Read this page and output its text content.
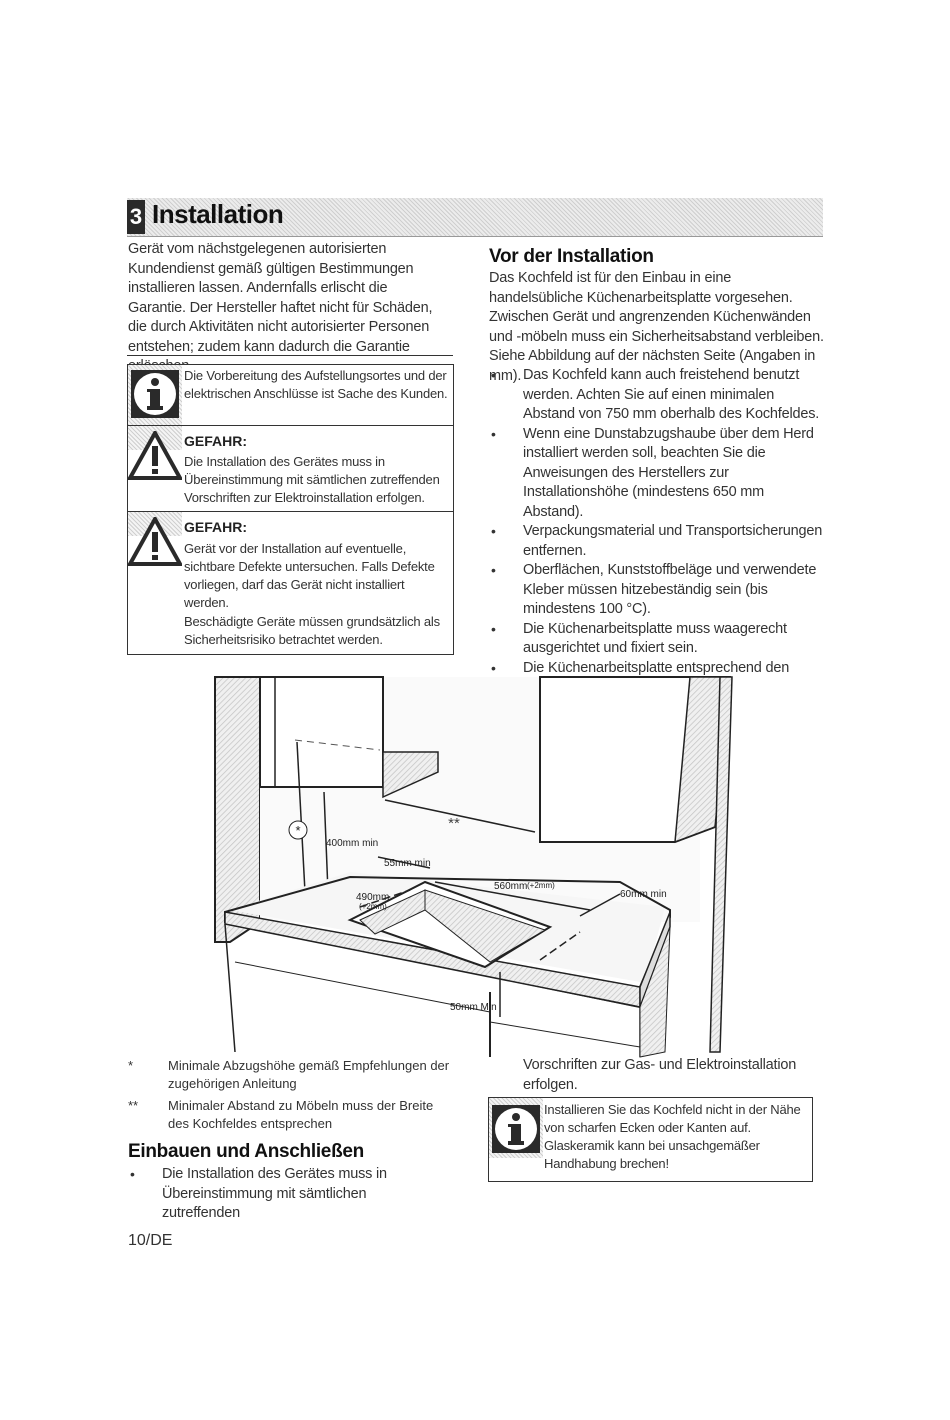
3 Installation
Gerät vom nächstgelegenen autorisierten Kundendienst gemäß gültigen Bestimmungen installieren lassen. Andernfalls erlischt die Garantie. Der Hersteller haftet nicht für Schäden, die durch Aktivitäten nicht autorisierter Personen entstehen; zudem kann dadurch die Garantie
Die Vorbereitung des Aufstellungsortes und der elektrischen Anschlüsse ist Sache des Kunden.
GEFAHR:
Die Installation des Gerätes muss in Übereinstimmung mit sämtlichen zutreffenden Vorschriften zur Elektroinstallation erfolgen.
GEFAHR:
Gerät vor der Installation auf eventuelle, sichtbare Defekte untersuchen. Falls Defekte vorliegen, darf das Gerät nicht installiert werden.
Beschädigte Geräte müssen grundsätzlich als Sicherheitsrisiko betrachtet werden.
Vor der Installation
Das Kochfeld ist für den Einbau in eine handelsübliche Küchenarbeitsplatte vorgesehen. Zwischen Gerät und angrenzenden Küchenwänden und -möbeln muss ein Sicherheitsabstand verbleiben. Siehe Abbildung auf der nächsten Seite (Angaben in mm).
• Das Kochfeld kann auch freistehend benutzt werden. Achten Sie auf einen minimalen Abstand von 750 mm oberhalb des Kochfeldes.
• Wenn eine Dunstabzugshaube über dem Herd installiert werden soll, beachten Sie die Anweisungen des Herstellers zur Installationshöhe (mindestens 650 mm Abstand).
• Verpackungsmaterial und Transportsicherungen entfernen.
• Oberflächen, Kunststoffbeläge und verwendete Kleber müssen hitzebeständig sein (bis mindestens 100 °C).
• Die Küchenarbeitsplatte muss waagerecht ausgerichtet und fixiert sein.
• Die Küchenarbeitsplatte entsprechend den
*	**
400mm min
55mm min
560mm (+2mm)
490mm
(+2mm)
60mm min
50mm Min
*	Minimale Abzugshöhe gemäß Empfehlungen der zugehörigen Anleitung
**	Minimaler Abstand zu Möbeln muss der Breite des Kochfeldes entsprechen
Einbauen und Anschließen
• Die Installation des Gerätes muss in Übereinstimmung mit sämtlichen zutreffenden
Vorschriften zur Gas- und Elektroinstallation erfolgen.
Installieren Sie das Kochfeld nicht in der Nähe von scharfen Ecken oder Kanten auf. Glaskeramik kann bei unsachgemäßer Handhabung brechen!
10/DE
